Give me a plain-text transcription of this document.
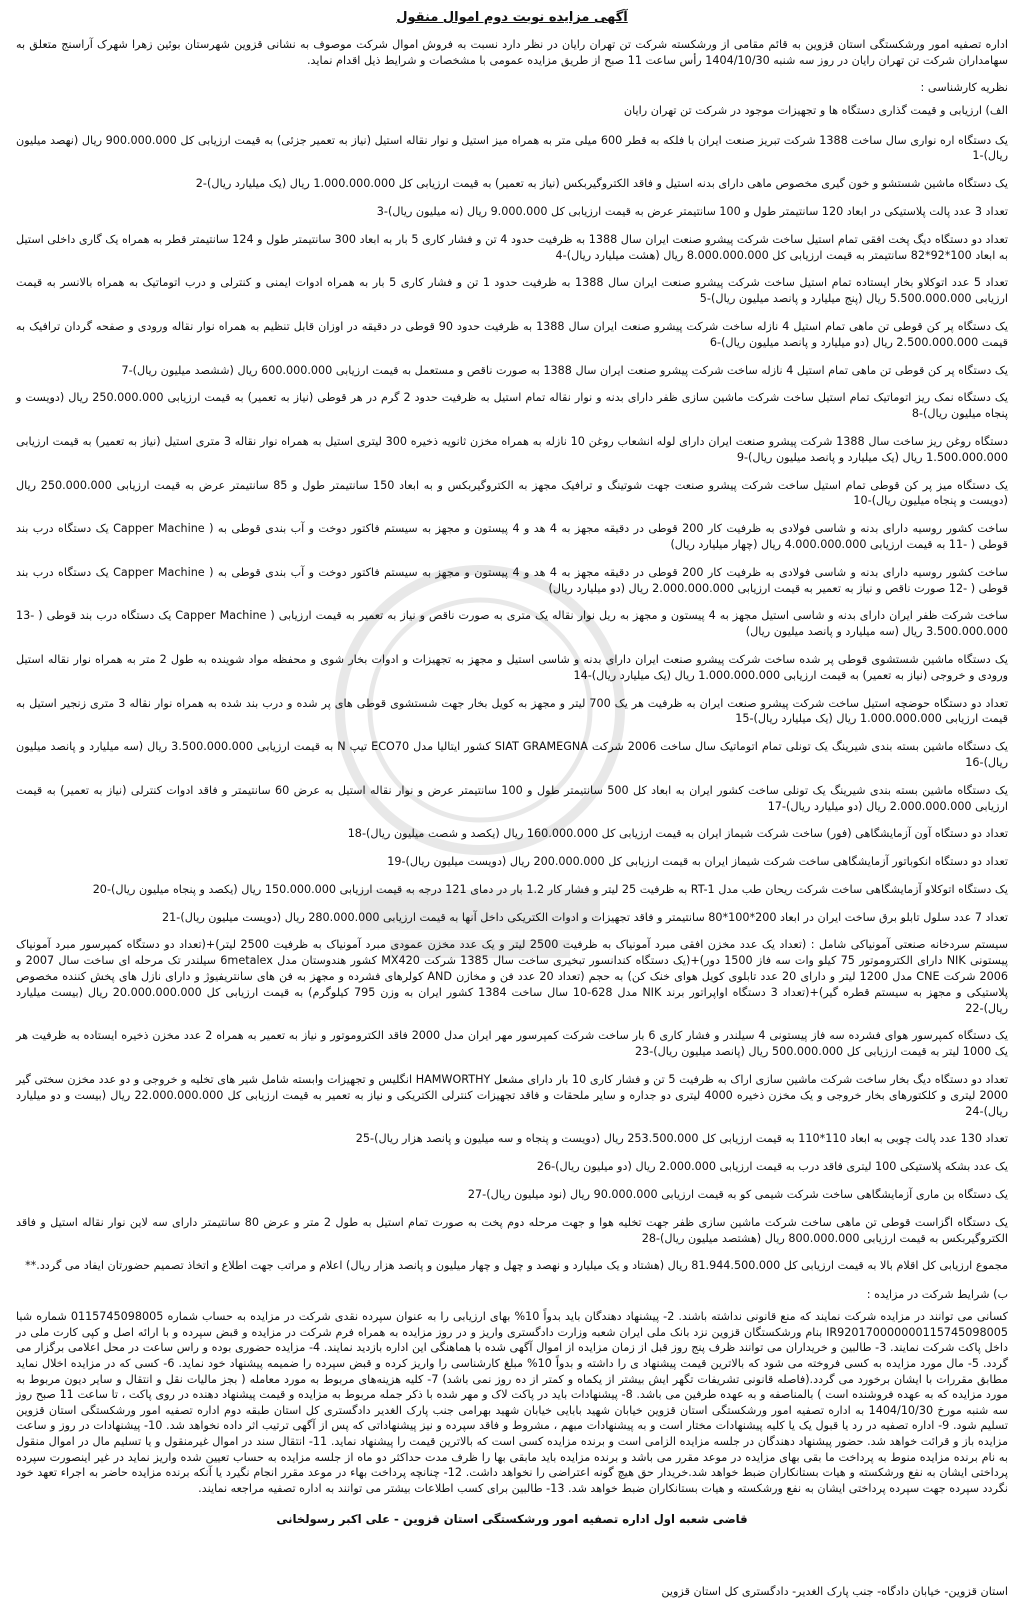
آگهی مزایده نوبت دوم اموال منقول

اداره تصفیه امور ورشکستگی استان قزوین به قائم مقامی از ورشکسته شرکت تن تهران رایان در نظر دارد نسبت به فروش اموال شرکت موصوف به نشانی قزوین شهرستان بوئین زهرا شهرک آراسنج متعلق به سهامداران شرکت تن تهران رایان در روز سه شنبه 1404/10/30 رأس ساعت 11 صبح از طریق مزایده عمومی با مشخصات و شرایط ذیل اقدام نماید.

نظریه کارشناسی :
الف) ارزیابی و قیمت گذاری دستگاه ها و تجهیزات موجود در شرکت تن تهران رایان

یک دستگاه اره نواری سال ساخت 1388 شرکت تبریز صنعت ایران با فلکه به قطر 600 میلی متر به همراه میز استیل و نوار نقاله استیل (نیاز به تعمیر جزئی) به قیمت ارزیابی کل 900.000.000 ریال (نهصد میلیون ریال)-1

یک دستگاه ماشین شستشو و خون گیری مخصوص ماهی دارای بدنه استیل و فاقد الکتروگیربکس (نیاز به تعمیر) به قیمت ارزیابی کل 1.000.000.000 ریال (یک میلیارد ریال)-2

تعداد 3 عدد پالت پلاستیکی در ابعاد 120 سانتیمتر طول و 100 سانتیمتر عرض به قیمت ارزیابی کل 9.000.000 ریال (نه میلیون ریال)-3

تعداد دو دستگاه دیگ پخت افقی تمام استیل ساخت شرکت پیشرو صنعت ایران سال 1388 به ظرفیت حدود 4 تن و فشار کاری 5 بار به ابعاد 300 سانتیمتر طول و 124 سانتیمتر قطر به همراه یک گاری داخلی استیل به ابعاد 100*92*82 سانتیمتر به قیمت ارزیابی کل 8.000.000.000 ریال (هشت میلیارد ریال)-4

تعداد 5 عدد اتوکلاو بخار ایستاده تمام استیل ساخت شرکت پیشرو صنعت ایران سال 1388 به ظرفیت حدود 1 تن و فشار کاری 5 بار به همراه ادوات ایمنی و کنترلی و درب اتوماتیک به همراه بالانسر به قیمت ارزیابی 5.500.000.000 ریال (پنج میلیارد و پانصد میلیون ریال)-5

یک دستگاه پر کن قوطی تن ماهی تمام استیل 4 نازله ساخت شرکت پیشرو صنعت ایران سال 1388 به ظرفیت حدود 90 قوطی در دقیقه در اوزان قابل تنظیم به همراه نوار نقاله ورودی و صفحه گردان ترافیک به قیمت 2.500.000.000 ریال (دو میلیارد و پانصد میلیون ریال)-6

یک دستگاه پر کن قوطی تن ماهی تمام استیل 4 نازله ساخت شرکت پیشرو صنعت ایران سال 1388 به صورت ناقص و مستعمل به قیمت ارزیابی 600.000.000 ریال (ششصد میلیون ریال)-7

یک دستگاه نمک ریز اتوماتیک تمام استیل ساخت شرکت ماشین سازی ظفر دارای بدنه و نوار نقاله تمام استیل به ظرفیت حدود 2 گرم در هر قوطی (نیاز به تعمیر) به قیمت ارزیابی 250.000.000 ریال (دویست و پنجاه میلیون ریال)-8

دستگاه روغن ریز ساخت سال 1388 شرکت پیشرو صنعت ایران دارای لوله انشعاب روغن 10 نازله به همراه مخزن ثانویه ذخیره 300 لیتری استیل به همراه نوار نقاله 3 متری استیل (نیاز به تعمیر) به قیمت ارزیابی 1.500.000.000 ریال (یک میلیارد و پانصد میلیون ریال)-9

یک دستگاه میز پر کن قوطی تمام استیل ساخت شرکت پیشرو صنعت جهت شوتینگ و ترافیک مجهز به الکتروگیربکس و به ابعاد 150 سانتیمتر طول و 85 سانتیمتر عرض به قیمت ارزیابی 250.000.000 ریال (دویست و پنجاه میلیون ریال)-10

ساخت کشور روسیه دارای بدنه و شاسی فولادی به ظرفیت کار 200 قوطی در دقیقه مجهز به 4 هد و 4 پیستون و مجهز به سیستم فاکتور دوخت و آب بندی قوطی به ( Capper Machine یک دستگاه درب بند قوطی ( -11 به قیمت ارزیابی 4.000.000.000 ریال (چهار میلیارد ریال)

ساخت کشور روسیه دارای بدنه و شاسی فولادی به ظرفیت کار 200 قوطی در دقیقه مجهز به 4 هد و 4 پیستون و مجهز به سیستم فاکتور دوخت و آب بندی قوطی به ( Capper Machine یک دستگاه درب بند قوطی ( -12 صورت ناقص و نیاز به تعمیر به قیمت ارزیابی 2.000.000.000 ریال (دو میلیارد ریال)

ساخت شرکت ظفر ایران دارای بدنه و شاسی استیل مجهز به 4 پیستون و مجهز به ریل نوار نقاله یک متری به صورت ناقص و نیاز به تعمیر به قیمت ارزیابی ( Capper Machine یک دستگاه درب بند قوطی ( -13 3.500.000.000 ریال (سه میلیارد و پانصد میلیون ریال)

یک دستگاه ماشین شستشوی قوطی پر شده ساخت شرکت پیشرو صنعت ایران دارای بدنه و شاسی استیل و مجهز به تجهیزات و ادوات بخار شوی و محفظه مواد شوینده به طول 2 متر به همراه نوار نقاله استیل ورودی و خروجی (نیاز به تعمیر) به قیمت ارزیابی 1.000.000.000 ریال (یک میلیارد ریال)-14

تعداد دو دستگاه حوضچه استیل ساخت شرکت پیشرو صنعت ایران به ظرفیت هر یک 700 لیتر و مجهز به کویل بخار جهت شستشوی قوطی های پر شده و درب بند شده به همراه نوار نقاله 3 متری زنجیر استیل به قیمت ارزیابی 1.000.000.000 ریال (یک میلیارد ریال)-15

یک دستگاه ماشین بسته بندی شیرینگ یک تونلی تمام اتوماتیک سال ساخت 2006 شرکت SIAT GRAMEGNA کشور ایتالیا مدل ECO70 تیپ N به قیمت ارزیابی 3.500.000.000 ریال (سه میلیارد و پانصد میلیون ریال)-16

یک دستگاه ماشین بسته بندی شیرینگ یک تونلی ساخت کشور ایران به ابعاد کل 500 سانتیمتر طول و 100 سانتیمتر عرض و نوار نقاله استیل به عرض 60 سانتیمتر و فاقد ادوات کنترلی (نیاز به تعمیر) به قیمت ارزیابی 2.000.000.000 ریال (دو میلیارد ریال)-17

تعداد دو دستگاه آون آزمایشگاهی (فور) ساخت شرکت شیماز ایران به قیمت ارزیابی کل 160.000.000 ریال (یکصد و شصت میلیون ریال)-18

تعداد دو دستگاه انکوباتور آزمایشگاهی ساخت شرکت شیماز ایران به قیمت ارزیابی کل 200.000.000 ریال (دویست میلیون ریال)-19

یک دستگاه اتوکلاو آزمایشگاهی ساخت شرکت ریحان طب مدل RT-1 به ظرفیت 25 لیتر و فشار کار 1.2 بار در دمای 121 درجه به قیمت ارزیابی 150.000.000 ریال (یکصد و پنجاه میلیون ریال)-20

تعداد 7 عدد سلول تابلو برق ساخت ایران در ابعاد 200*100*80 سانتیمتر و فاقد تجهیزات و ادوات الکتریکی داخل آنها به قیمت ارزیابی 280.000.000 ریال (دویست میلیون ریال)-21

سیستم سردخانه صنعتی آمونیاکی شامل : (تعداد یک عدد مخزن افقی مبرد آمونیاک به ظرفیت 2500 لیتر و یک عدد مخزن عمودی مبرد آمونیاک به ظرفیت 2500 لیتر)+(تعداد دو دستگاه کمپرسور مبرد آمونیاک پیستونی NIK دارای الکتروموتور 75 کیلو وات سه فاز 1500 دور)+(یک دستگاه کندانسور تبخیری ساخت سال 1385 شرکت MX420 کشور هندوستان مدل 6metalex سیلندر تک مرحله ای ساخت سال 2007 و 2006 شرکت CNE مدل 1200 لیتر و دارای 20 عدد تابلوی کویل هوای خنک کن) به حجم (تعداد 20 عدد فن و مخازن AND کولرهای فشرده و مجهز به فن های سانتریفیوژ و دارای نازل های پخش کننده مخصوص پلاستیکی و مجهز به سیستم قطره گیر)+(تعداد 3 دستگاه اواپراتور برند NIK مدل 628-10 سال ساخت 1384 کشور ایران به وزن 795 کیلوگرم) به قیمت ارزیابی کل 20.000.000.000 ریال (بیست میلیارد ریال)-22

یک دستگاه کمپرسور هوای فشرده سه فاز پیستونی 4 سیلندر و فشار کاری 6 بار ساخت شرکت کمپرسور مهر ایران مدل 2000 فاقد الکتروموتور و نیاز به تعمیر به همراه 2 عدد مخزن ذخیره ایستاده به ظرفیت هر یک 1000 لیتر به قیمت ارزیابی کل 500.000.000 ریال (پانصد میلیون ریال)-23

تعداد دو دستگاه دیگ بخار ساخت شرکت ماشین سازی اراک به ظرفیت 5 تن و فشار کاری 10 بار دارای مشعل HAMWORTHY انگلیس و تجهیزات وابسته شامل شیر های تخلیه و خروجی و دو عدد مخزن سختی گیر 2000 لیتری و کلکتورهای بخار خروجی و یک مخزن ذخیره 4000 لیتری دو جداره و سایر ملحقات و فاقد تجهیزات کنترلی الکتریکی و نیاز به تعمیر به قیمت ارزیابی کل 22.000.000.000 ریال (بیست و دو میلیارد ریال)-24

تعداد 130 عدد پالت چوبی به ابعاد 110*110 به قیمت ارزیابی کل 253.500.000 ریال (دویست و پنجاه و سه میلیون و پانصد هزار ریال)-25

یک عدد بشکه پلاستیکی 100 لیتری فاقد درب به قیمت ارزیابی 2.000.000 ریال (دو میلیون ریال)-26

یک دستگاه بن ماری آزمایشگاهی ساخت شرکت شیمی کو به قیمت ارزیابی 90.000.000 ریال (نود میلیون ریال)-27

یک دستگاه اگزاست قوطی تن ماهی ساخت شرکت ماشین سازی ظفر جهت تخلیه هوا و جهت مرحله دوم پخت به صورت تمام استیل به طول 2 متر و عرض 80 سانتیمتر دارای سه لاین نوار نقاله استیل و فاقد الکتروگیربکس به قیمت ارزیابی 800.000.000 ریال (هشتصد میلیون ریال)-28

مجموع ارزیابی کل اقلام بالا به قیمت ارزیابی کل 81.944.500.000 ریال (هشتاد و یک میلیارد و نهصد و چهل و چهار میلیون و پانصد هزار ریال) اعلام و مراتب جهت اطلاع و اتخاذ تصمیم حضورتان ایفاد می گردد.**

ب) شرایط شرکت در مزایده :

کسانی می توانند در مزایده شرکت نمایند که منع قانونی نداشته باشند. 2- پیشنهاد دهندگان باید بدواً 10% بهای ارزیابی را به عنوان سپرده نقدی شرکت در مزایده به حساب شماره 0115745098005 شماره شبا IR920170000000115745098005 بنام ورشکستگان قزوین نزد بانک ملی ایران شعبه وزارت دادگستری واریز و در روز مزایده به همراه فرم شرکت در مزایده و قبض سپرده و با ارائه اصل و کپی کارت ملی در داخل پاکت شرکت نمایند. 3- طالبین و خریداران می توانند ظرف پنج روز قبل از زمان مزایده از اموال آگهی شده با هماهنگی این اداره بازدید نمایند. 4- مزایده حضوری بوده و راس ساعت در محل اعلامی برگزار می گردد. 5- مال مورد مزایده به کسی فروخته می شود که بالاترین قیمت پیشنهاد ی را داشته و بدواً 10% مبلغ کارشناسی را واریز کرده و قبض سپرده را ضمیمه پیشنهاد خود نماید. 6- کسی که در مزایده اخلال نماید مطابق مقررات با ایشان برخورد می گردد.(فاصله قانونی تشریفات تگهر ایش بیشتر از یکماه و کمتر از ده روز نمی باشد) 7- کلیه هزینه‌های مربوط به مورد معامله ( بجز مالیات نقل و انتقال و سایر دیون مربوط به مورد مزایده که به عهده فروشنده است ) بالمناصفه و به عهده طرفین می باشد. 8- پیشنهادات باید در پاکت لاک و مهر شده با ذکر جمله مربوط به مزایده و قیمت پیشنهاد دهنده در روی پاکت ، تا ساعت 11 صبح روز سه شنبه مورخ 1404/10/30 به اداره تصفیه امور ورشکستگی استان قزوین خیابان شهید بابایی خیابان شهید بهرامی جنب پارک الغدیر دادگستری کل استان طبقه دوم اداره تصفیه امور ورشکستگی استان قزوین تسلیم شود. 9- اداره تصفیه در رد یا قبول یک یا کلیه پیشنهادات مختار است و به پیشنهادات مبهم ، مشروط و فاقد سپرده و نیز پیشنهاداتی که پس از آگهی ترتیب اثر داده نخواهد شد. 10- پیشنهادات در روز و ساعت مزایده باز و قرائت خواهد شد. حضور پیشنهاد دهندگان در جلسه مزایده الزامی است و برنده مزایده کسی است که بالاترین قیمت را پیشنهاد نماید. 11- انتقال سند در اموال غیرمنقول و یا تسلیم مال در اموال منقول به نام برنده مزایده منوط به پرداخت ما بقی بهای مزایده در موعد مقرر می باشد و برنده مزایده باید مابقی بها را ظرف مدت حداکثر دو ماه از جلسه مزایده به حساب تعیین شده واریز نماید در غیر اینصورت سپرده پرداختی ایشان به نفع ورشکسته و هیات بستانکاران ضبط خواهد شد.خریدار حق هیچ گونه اعتراضی را نخواهد داشت. 12- چنانچه پرداخت بهاء در موعد مقرر انجام نگیرد یا آنکه برنده مزایده حاضر به اجراء تعهد خود نگردد سپرده جهت سپرده پرداختی ایشان به نفع ورشکسته و هیات بستانکاران ضبط خواهد شد. 13- طالبین برای کسب اطلاعات بیشتر می توانند به اداره تصفیه مراجعه نمایند.

قاضی شعبه اول اداره تصفیه امور ورشکستگی استان قزوین - علی اکبر رسولخانی
استان قزوین- خیابان دادگاه- جنب پارک الغدیر- دادگستری کل استان قزوین
